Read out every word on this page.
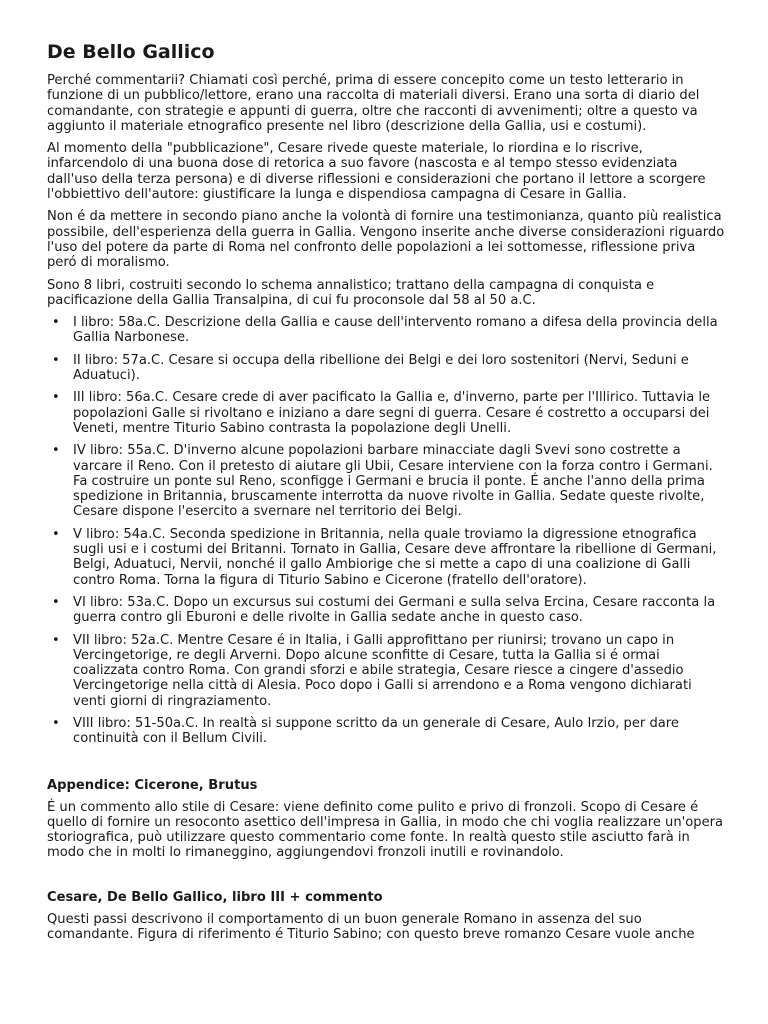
De Bello Gallico

Perché commentarii? Chiamati così perché, prima di essere concepito come un testo letterario in funzione di un pubblico/lettore, erano una raccolta di materiali diversi. Erano una sorta di diario del comandante, con strategie e appunti di guerra, oltre che racconti di avvenimenti; oltre a questo va aggiunto il materiale etnografico presente nel libro (descrizione della Gallia, usi e costumi).

Al momento della "pubblicazione", Cesare rivede queste materiale, lo riordina e lo riscrive, infarcendolo di una buona dose di retorica a suo favore (nascosta e al tempo stesso evidenziata dall'uso della terza persona) e di diverse riflessioni e considerazioni che portano il lettore a scorgere l'obbiettivo dell'autore: giustificare la lunga e dispendiosa campagna di Cesare in Gallia.

Non é da mettere in secondo piano anche la volontà di fornire una testimonianza, quanto più realistica possibile, dell'esperienza della guerra in Gallia. Vengono inserite anche diverse considerazioni riguardo l'uso del potere da parte di Roma nel confronto delle popolazioni a lei sottomesse, riflessione priva peró di moralismo.

Sono 8 libri, costruiti secondo lo schema annalistico; trattano della campagna di conquista e pacificazione della Gallia Transalpina, di cui fu proconsole dal 58 al 50 a.C.

• I libro: 58a.C. Descrizione della Gallia e cause dell'intervento romano a difesa della provincia della Gallia Narbonese.
• II libro: 57a.C. Cesare si occupa della ribellione dei Belgi e dei loro sostenitori (Nervi, Seduni e Aduatuci).
• III libro: 56a.C. Cesare crede di aver pacificato la Gallia e, d'inverno, parte per l'Illirico. Tuttavia le popolazioni Galle si rivoltano e iniziano a dare segni di guerra. Cesare é costretto a occuparsi dei Veneti, mentre Titurio Sabino contrasta la popolazione degli Unelli.
• IV libro: 55a.C. D'inverno alcune popolazioni barbare minacciate dagli Svevi sono costrette a varcare il Reno. Con il pretesto di aiutare gli Ubii, Cesare interviene con la forza contro i Germani. Fa costruire un ponte sul Reno, sconfigge i Germani e brucia il ponte. É anche l'anno della prima spedizione in Britannia, bruscamente interrotta da nuove rivolte in Gallia. Sedate queste rivolte, Cesare dispone l'esercito a svernare nel territorio dei Belgi.
• V libro: 54a.C. Seconda spedizione in Britannia, nella quale troviamo la digressione etnografica sugli usi e i costumi dei Britanni. Tornato in Gallia, Cesare deve affrontare la ribellione di Germani, Belgi, Aduatuci, Nervii, nonché il gallo Ambiorige che si mette a capo di una coalizione di Galli contro Roma. Torna la figura di Titurio Sabino e Cicerone (fratello dell'oratore).
• VI libro: 53a.C. Dopo un excursus sui costumi dei Germani e sulla selva Ercina, Cesare racconta la guerra contro gli Eburoni e delle rivolte in Gallia sedate anche in questo caso.
• VII libro: 52a.C. Mentre Cesare é in Italia, i Galli approfittano per riunirsi; trovano un capo in Vercingetorige, re degli Arverni. Dopo alcune sconfitte di Cesare, tutta la Gallia si é ormai coalizzata contro Roma. Con grandi sforzi e abile strategia, Cesare riesce a cingere d'assedio Vercingetorige nella città di Alesia. Poco dopo i Galli si arrendono e a Roma vengono dichiarati venti giorni di ringraziamento.
• VIII libro: 51-50a.C. In realtà si suppone scritto da un generale di Cesare, Aulo Irzio, per dare continuità con il Bellum Civili.
Appendice: Cicerone, Brutus

É un commento allo stile di Cesare: viene definito come pulito e privo di fronzoli. Scopo di Cesare é quello di fornire un resoconto asettico dell'impresa in Gallia, in modo che chi voglia realizzare un'opera storiografica, può utilizzare questo commentario come fonte. In realtà questo stile asciutto farà in modo che in molti lo rimaneggino, aggiungendovi fronzoli inutili e rovinandolo.

Cesare, De Bello Gallico, libro III + commento

Questi passi descrivono il comportamento di un buon generale Romano in assenza del suo comandante. Figura di riferimento é Titurio Sabino; con questo breve romanzo Cesare vuole anche
